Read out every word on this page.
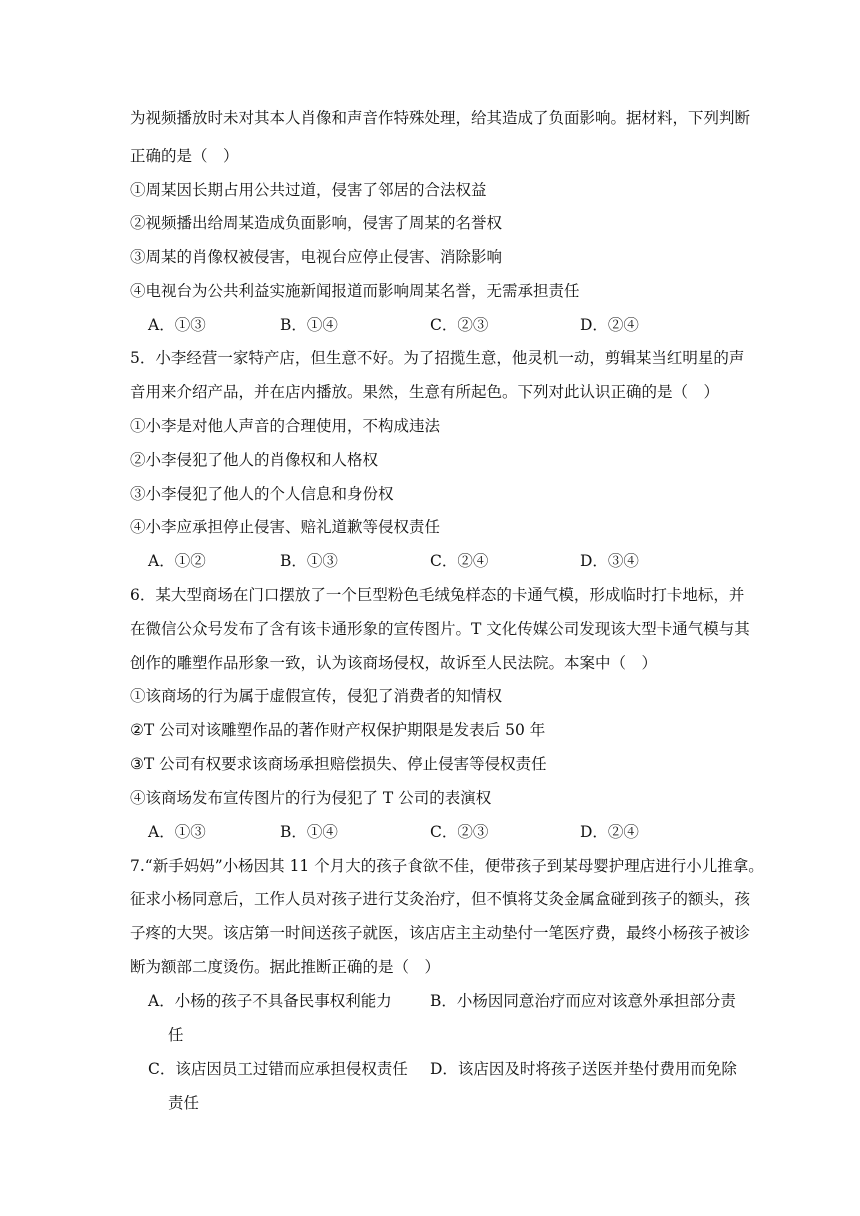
为视频播放时未对其本人肖像和声音作特殊处理，给其造成了负面影响。据材料，下列判断
正确的是（　）
①周某因长期占用公共过道，侵害了邻居的合法权益
②视频播出给周某造成负面影响，侵害了周某的名誉权
③周某的肖像权被侵害，电视台应停止侵害、消除影响
④电视台为公共利益实施新闻报道而影响周某名誉，无需承担责任
A．①③	B．①④	C．②③	D．②④
5．小李经营一家特产店，但生意不好。为了招揽生意，他灵机一动，剪辑某当红明星的声
音用来介绍产品，并在店内播放。果然，生意有所起色。下列对此认识正确的是（　）
①小李是对他人声音的合理使用，不构成违法
②小李侵犯了他人的肖像权和人格权
③小李侵犯了他人的个人信息和身份权
④小李应承担停止侵害、赔礼道歉等侵权责任
A．①②	B．①③	C．②④	D．③④
6．某大型商场在门口摆放了一个巨型粉色毛绒兔样态的卡通气模，形成临时打卡地标，并
在微信公众号发布了含有该卡通形象的宣传图片。T 文化传媒公司发现该大型卡通气模与其
创作的雕塑作品形象一致，认为该商场侵权，故诉至人民法院。本案中（　）
①该商场的行为属于虚假宣传，侵犯了消费者的知情权
②T 公司对该雕塑作品的著作财产权保护期限是发表后 50 年
③T 公司有权要求该商场承担赔偿损失、停止侵害等侵权责任
④该商场发布宣传图片的行为侵犯了 T 公司的表演权
A．①③	B．①④	C．②③	D．②④
7.“新手妈妈”小杨因其 11 个月大的孩子食欲不佳，便带孩子到某母婴护理店进行小儿推拿。
征求小杨同意后，工作人员对孩子进行艾灸治疗，但不慎将艾灸金属盒碰到孩子的额头，孩
子疼的大哭。该店第一时间送孩子就医，该店店主主动垫付一笔医疗费，最终小杨孩子被诊
断为额部二度烫伤。据此推断正确的是（　）
A．小杨的孩子不具备民事权利能力 B．小杨因同意治疗而应对该意外承担部分责
任
C．该店因员工过错而应承担侵权责任 D．该店因及时将孩子送医并垫付费用而免除
责任
